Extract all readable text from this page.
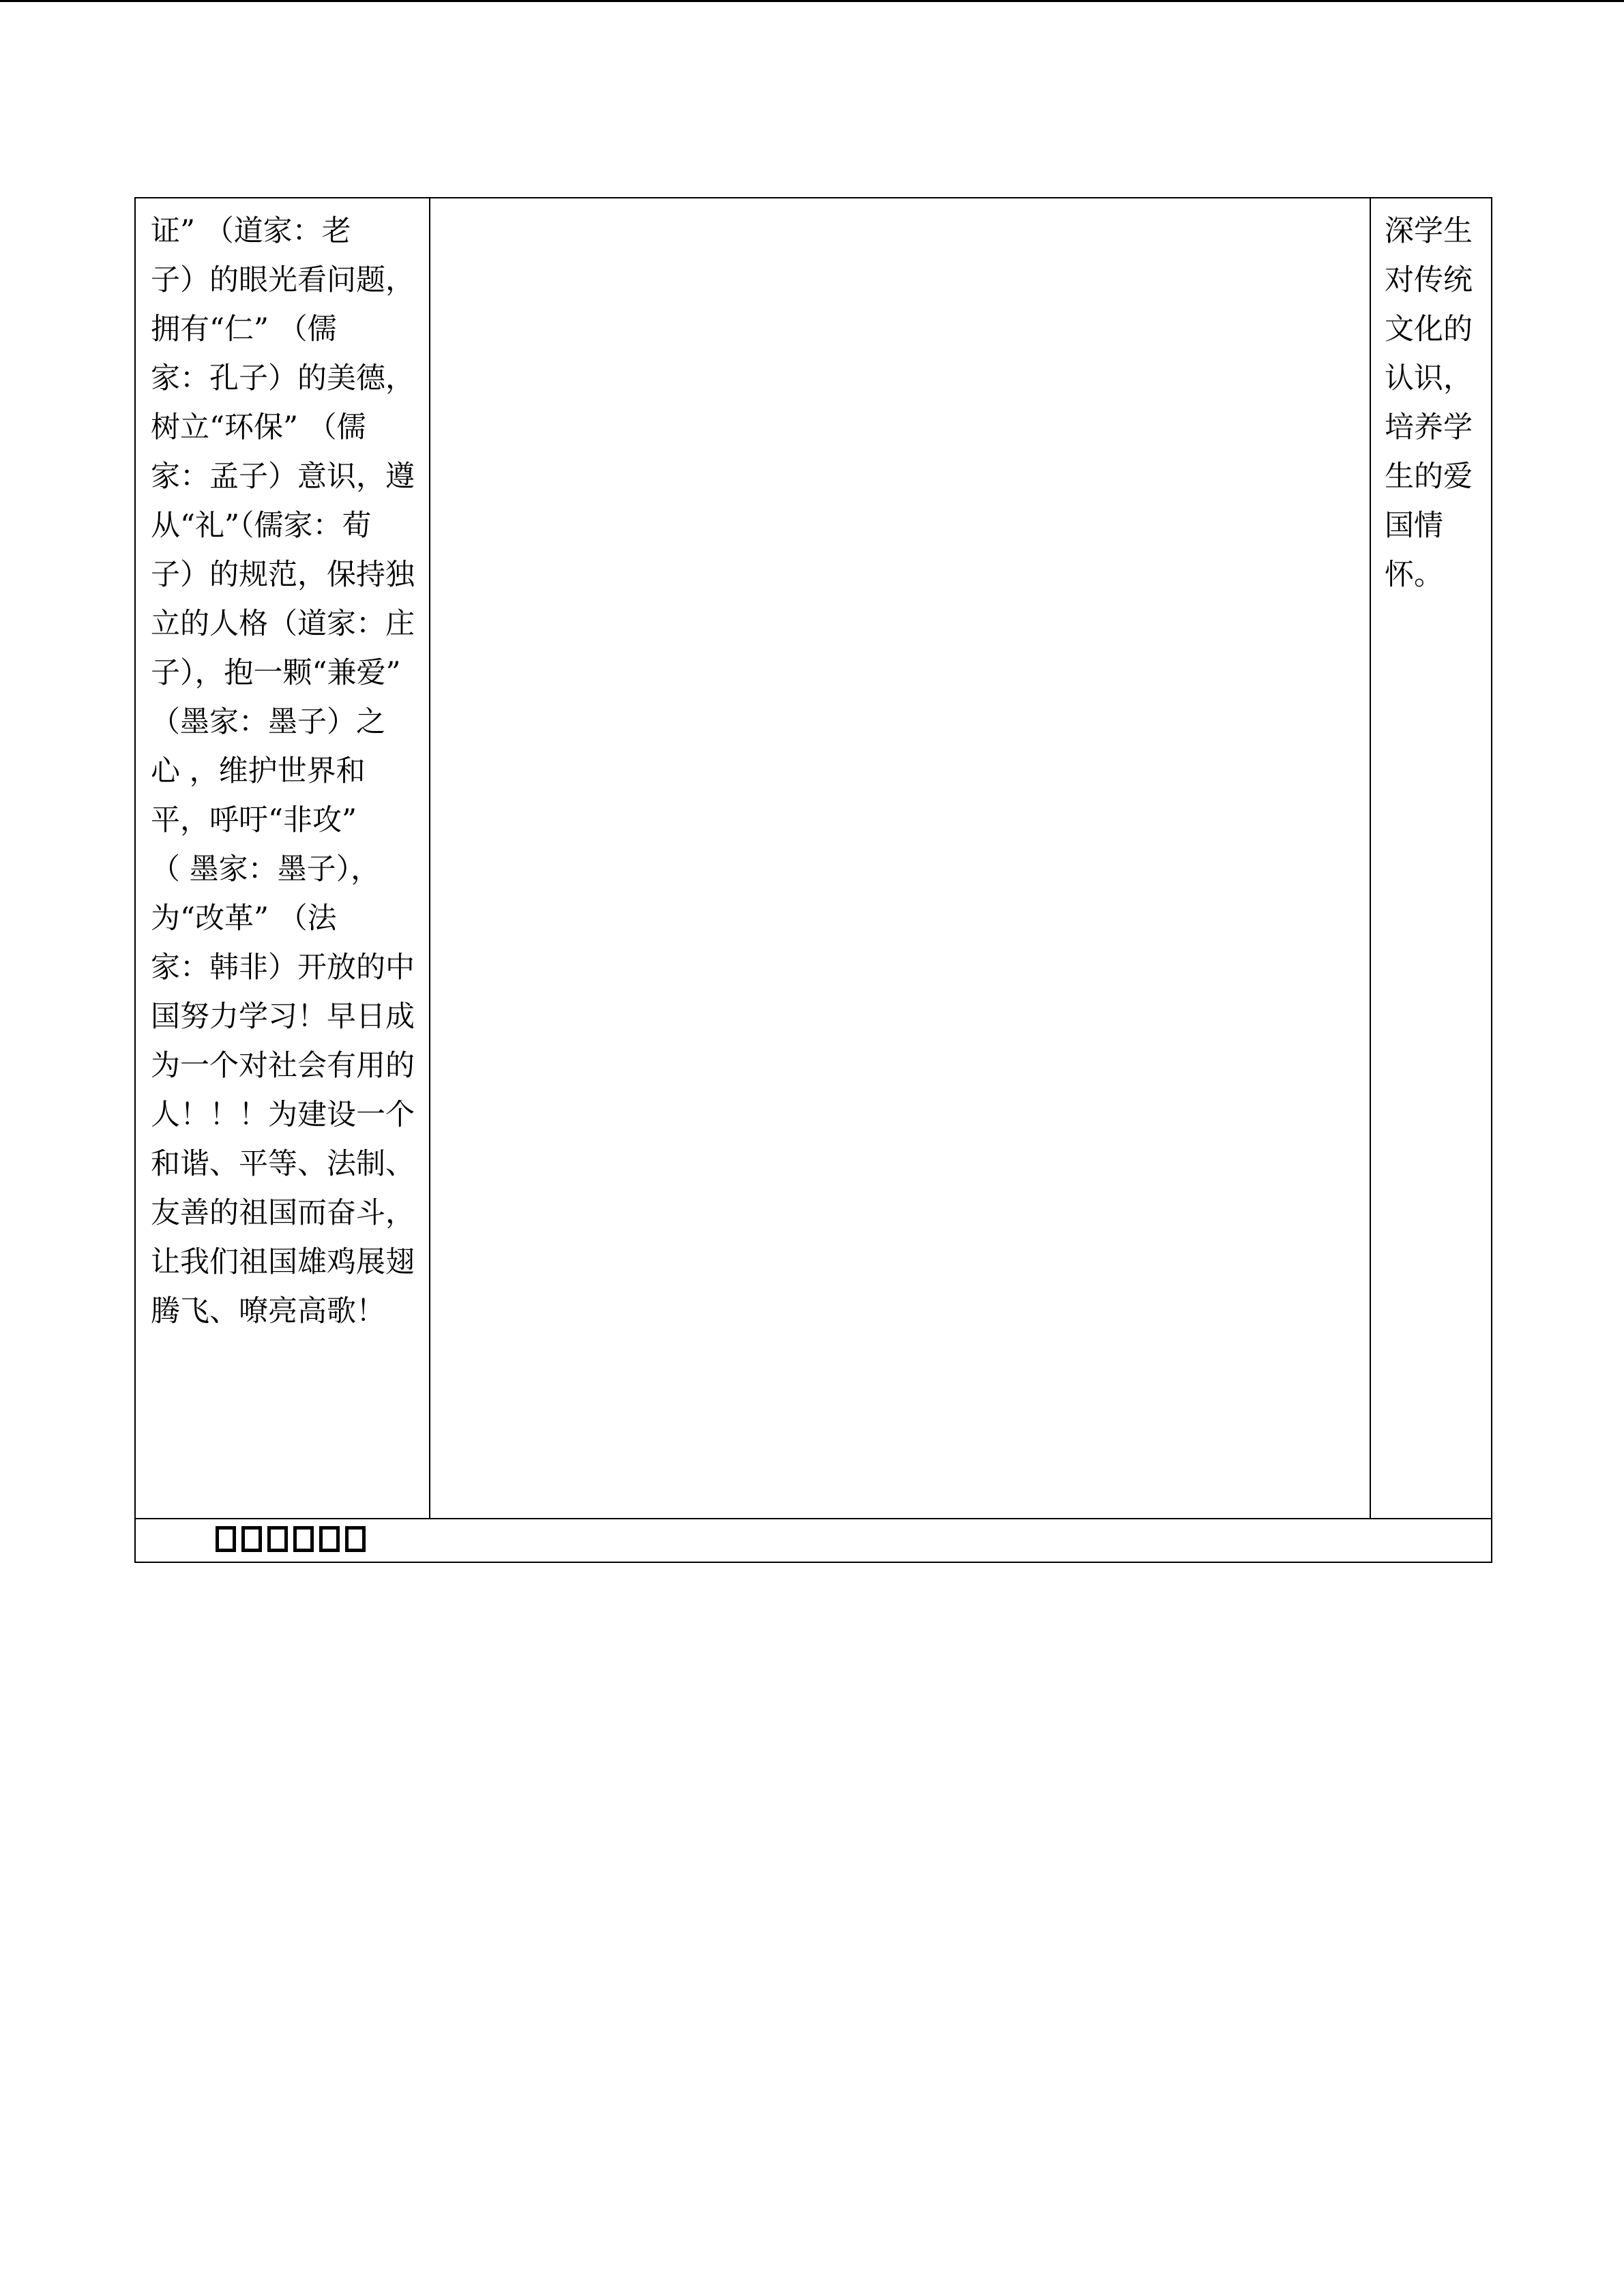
证” （道家：老
子）的眼光看问题，
拥有“仁” （儒
家：孔子）的美德，
树立“环保” （儒
家：孟子）意识，遵
从“礼”（儒家：荀
子）的规范，保持独
立的人格（道家：庄
子），抱一颗“兼爱”
（墨家：墨子）之
心 ，维护世界和
平，呼吁“非攻”
（ 墨家：墨子），
为“改革” （法
家：韩非）开放的中
国努力学习！早日成
为一个对社会有用的
人！！！为建设一个
和谐、平等、法制、
友善的祖国而奋斗，
让我们祖国雄鸡展翅
腾飞、嘹亮高歌！

深学生
对传统
文化的
认识，
培养学
生的爱
国情
怀。
